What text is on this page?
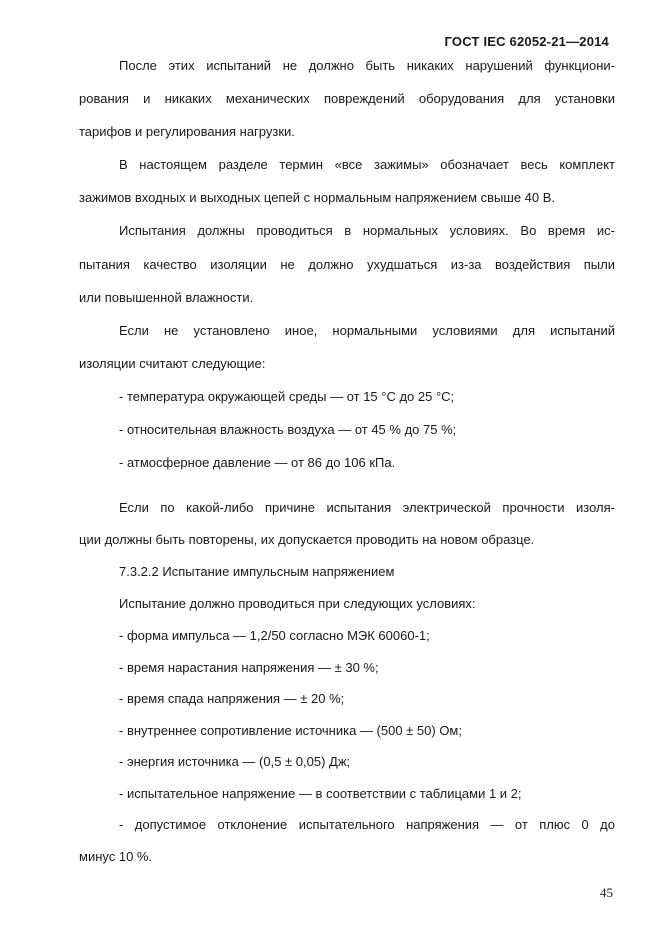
ГОСТ IEC 62052-21—2014
После этих испытаний не должно быть никаких нарушений функциони-
рования и никаких механических повреждений оборудования для установки
тарифов и регулирования нагрузки.
В настоящем разделе термин «все зажимы» обозначает весь комплект
зажимов входных и выходных цепей с нормальным напряжением свыше 40 В.
Испытания должны проводиться в нормальных условиях. Во время ис-
пытания качество изоляции не должно ухудшаться из-за воздействия пыли
или повышенной влажности.
Если не установлено иное, нормальными условиями для испытаний
изоляции считают следующие:
- температура окружающей среды — от 15 °C до 25 °C;
- относительная влажность воздуха — от 45 % до 75 %;
- атмосферное давление — от 86 до 106 кПа.
Если по какой-либо причине испытания электрической прочности изоля-
ции должны быть повторены, их допускается проводить на новом образце.
7.3.2.2 Испытание импульсным напряжением
Испытание должно проводиться при следующих условиях:
- форма импульса — 1,2/50 согласно МЭК 60060-1;
- время нарастания напряжения — ± 30 %;
- время спада напряжения — ± 20 %;
- внутреннее сопротивление источника — (500 ± 50) Ом;
- энергия источника — (0,5 ± 0,05) Дж;
- испытательное напряжение — в соответствии с таблицами 1 и 2;
- допустимое отклонение испытательного напряжения — от плюс 0 до
минус 10 %.
45
